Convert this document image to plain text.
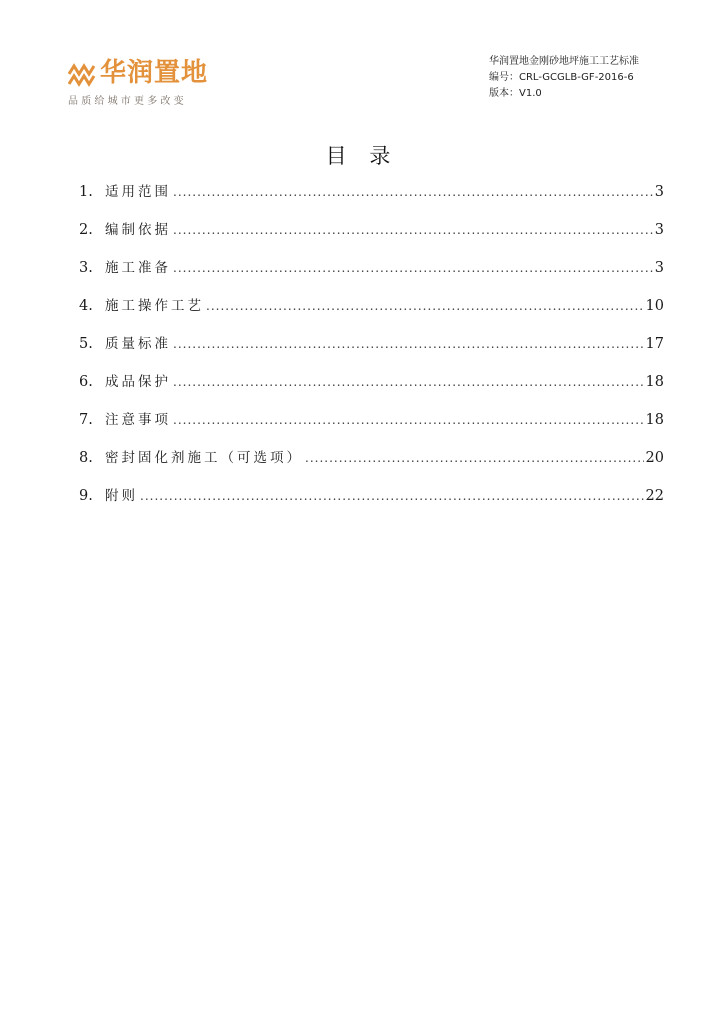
华润置地
品质给城市更多改变
华润置地金刚砂地坪施工工艺标准
编号：CRL-GCGLB-GF-2016-6
版本：V1.0
目 录
1. 适用范围 .....	3
2. 编制依据 .....	3
3. 施工准备 .....	3
4. 施工操作工艺 .....	10
5. 质量标准 .....	17
6. 成品保护 .....	18
7. 注意事项 .....	18
8. 密封固化剂施工（可选项） .....	20
9. 附则 .....	22
